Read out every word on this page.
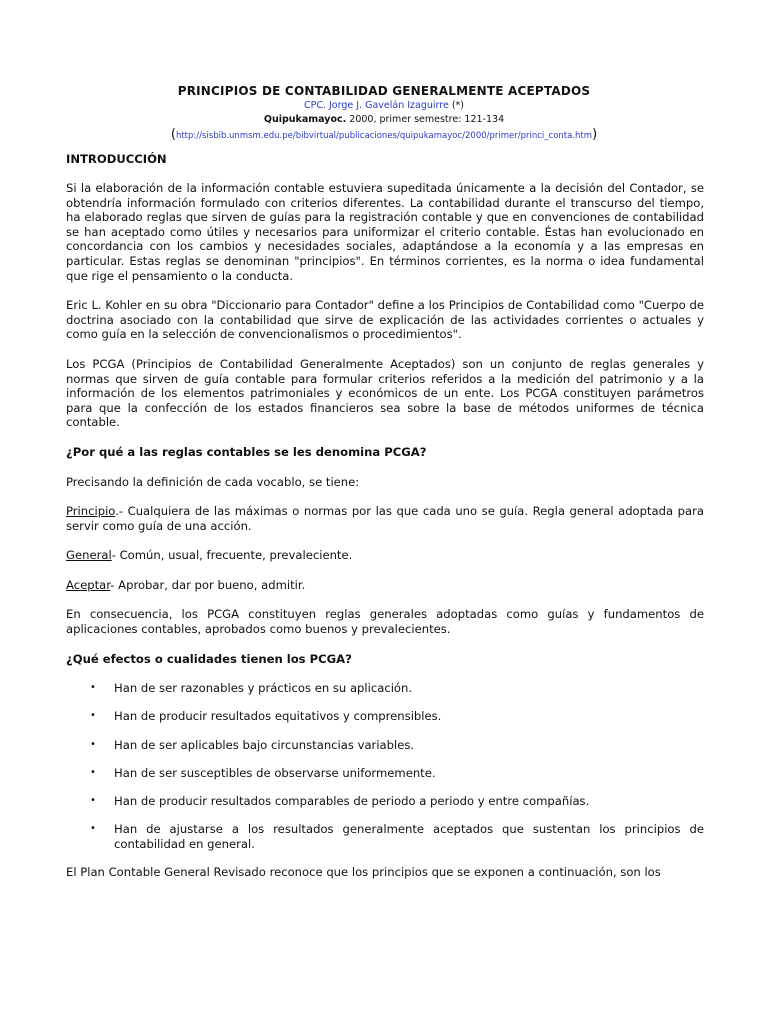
PRINCIPIOS DE CONTABILIDAD GENERALMENTE ACEPTADOS
CPC. Jorge J. Gavelán Izaguirre (*)
Quipukamayoc. 2000, primer semestre: 121-134
(http://sisbib.unmsm.edu.pe/bibvirtual/publicaciones/quipukamayoc/2000/primer/princi_conta.htm)
INTRODUCCIÓN

Si la elaboración de la información contable estuviera supeditada únicamente a la decisión del Contador, se obtendría información formulado con criterios diferentes. La contabilidad durante el transcurso del tiempo, ha elaborado reglas que sirven de guías para la registración contable y que en convenciones de contabilidad se han aceptado como útiles y necesarios para uniformizar el criterio contable. Éstas han evolucionado en concordancia con los cambios y necesidades sociales, adaptándose a la economía y a las empresas en particular. Estas reglas se denominan "principios". En términos corrientes, es la norma o idea fundamental que rige el pensamiento o la conducta.

Eric L. Kohler en su obra "Diccionario para Contador" define a los Principios de Contabilidad como "Cuerpo de doctrina asociado con la contabilidad que sirve de explicación de las actividades corrientes o actuales y como guía en la selección de convencionalismos o procedimientos".

Los PCGA (Principios de Contabilidad Generalmente Aceptados) son un conjunto de reglas generales y normas que sirven de guía contable para formular criterios referidos a la medición del patrimonio y a la información de los elementos patrimoniales y económicos de un ente. Los PCGA constituyen parámetros para que la confección de los estados financieros sea sobre la base de métodos uniformes de técnica contable.

¿Por qué a las reglas contables se les denomina PCGA?

Precisando la definición de cada vocablo, se tiene:

Principio.- Cualquiera de las máximas o normas por las que cada uno se guía. Regla general adoptada para servir como guía de una acción.

General- Común, usual, frecuente, prevaleciente.

Aceptar- Aprobar, dar por bueno, admitir.

En consecuencia, los PCGA constituyen reglas generales adoptadas como guías y fundamentos de aplicaciones contables, aprobados como buenos y prevalecientes.

¿Qué efectos o cualidades tienen los PCGA?
• Han de ser razonables y prácticos en su aplicación.
• Han de producir resultados equitativos y comprensibles.
• Han de ser aplicables bajo circunstancias variables.
• Han de ser susceptibles de observarse uniformemente.
• Han de producir resultados comparables de periodo a periodo y entre compañías.
• Han de ajustarse a los resultados generalmente aceptados que sustentan los principios de contabilidad en general.

El Plan Contable General Revisado reconoce que los principios que se exponen a continuación, son los
